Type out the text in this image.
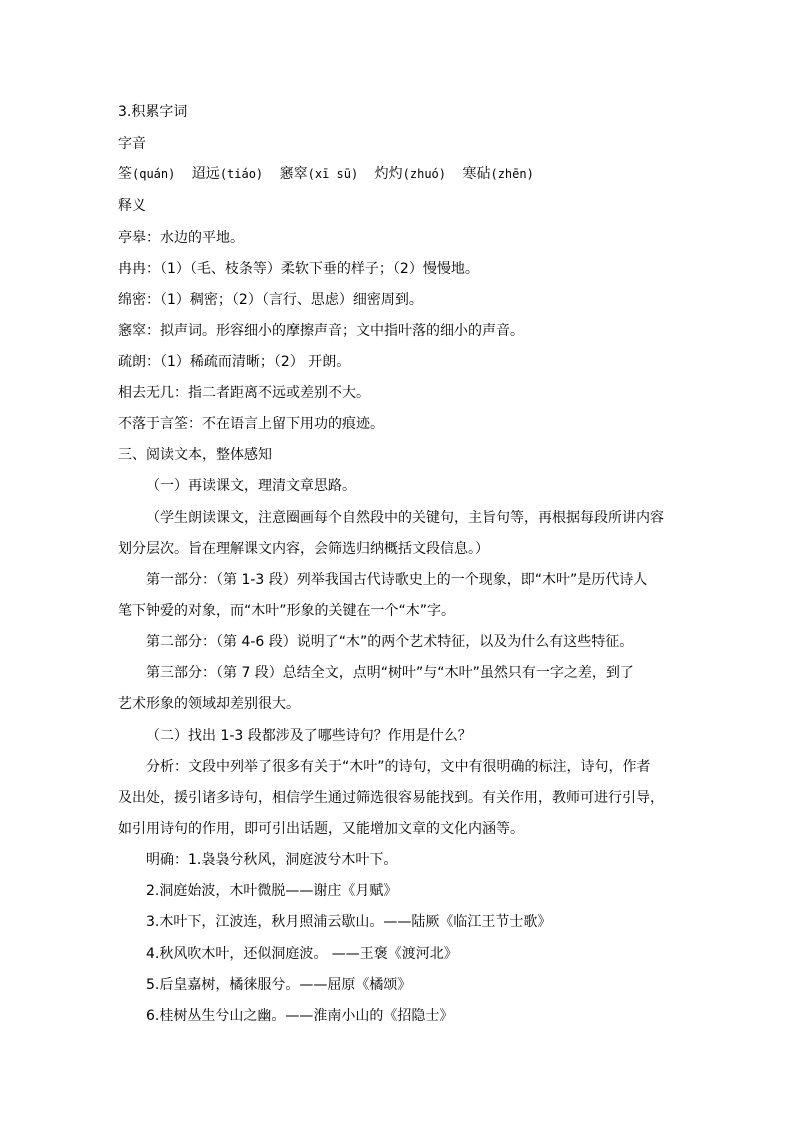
3.积累字词
字音
筌(quán) 迢远(tiáo) 窸窣(xī sū) 灼灼(zhuó) 寒砧(zhēn)
释义
亭皋：水边的平地。
冉冉：（1）（毛、枝条等）柔软下垂的样子；（2）慢慢地。
绵密：（1）稠密；（2）（言行、思虑）细密周到。
窸窣：拟声词。形容细小的摩擦声音；文中指叶落的细小的声音。
疏朗：（1）稀疏而清晰；（2） 开朗。
相去无几：指二者距离不远或差别不大。
不落于言筌：不在语言上留下用功的痕迹。
三、阅读文本，整体感知
（一）再读课文，理清文章思路。
（学生朗读课文，注意圈画每个自然段中的关键句，主旨句等，再根据每段所讲内容
划分层次。旨在理解课文内容，会筛选归纳概括文段信息。）
第一部分：（第 1-3 段）列举我国古代诗歌史上的一个现象，即“木叶”是历代诗人
笔下钟爱的对象，而“木叶”形象的关键在一个“木”字。
第二部分：（第 4-6 段）说明了“木”的两个艺术特征，以及为什么有这些特征。
第三部分：（第 7 段）总结全文，点明“树叶”与“木叶”虽然只有一字之差，到了
艺术形象的领域却差别很大。
（二）找出 1-3 段都涉及了哪些诗句？作用是什么？
分析：文段中列举了很多有关于“木叶”的诗句，文中有很明确的标注，诗句，作者
及出处，援引诸多诗句，相信学生通过筛选很容易能找到。有关作用，教师可进行引导，
如引用诗句的作用，即可引出话题，又能增加文章的文化内涵等。
明确：1.袅袅兮秋风，洞庭波兮木叶下。
2.洞庭始波，木叶微脱——谢庄《月赋》
3.木叶下，江波连，秋月照浦云歇山。——陆厥《临江王节士歌》
4.秋风吹木叶，还似洞庭波。 ——王褒《渡河北》
5.后皇嘉树，橘徕服兮。——屈原《橘颂》
6.桂树丛生兮山之幽。——淮南小山的《招隐士》
